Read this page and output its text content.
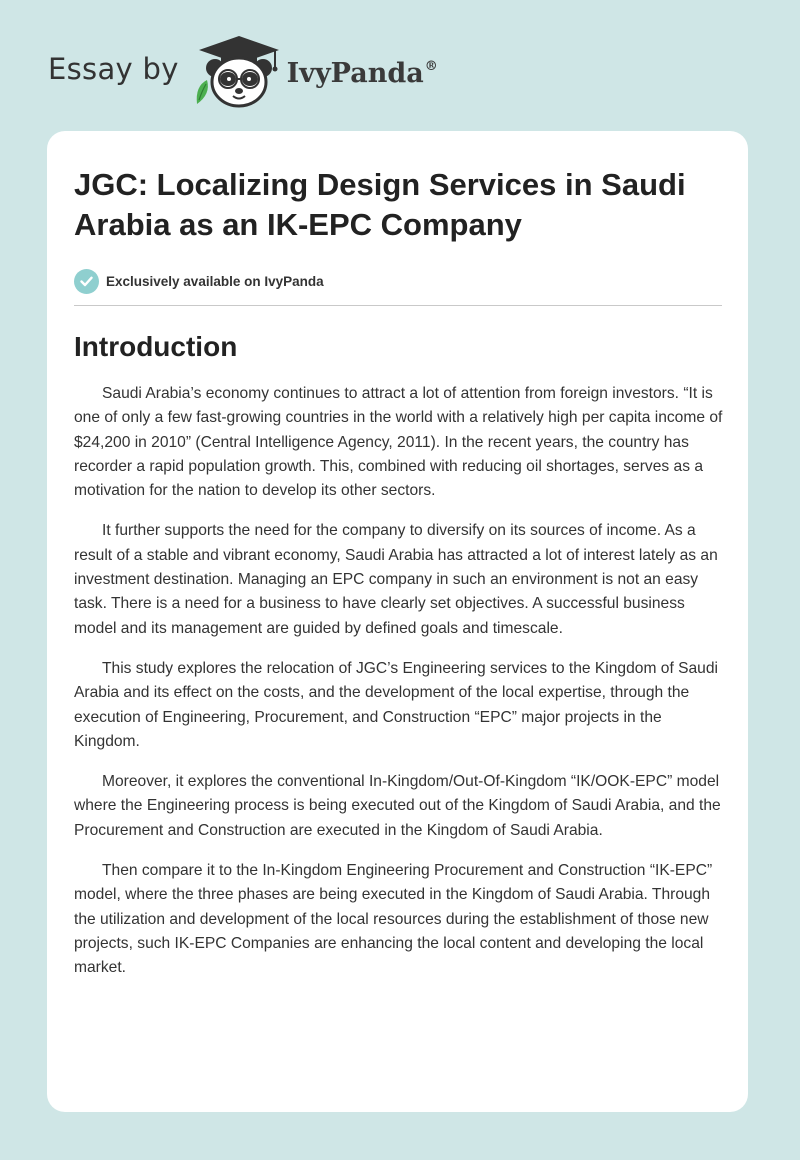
Essay by	IvyPanda®
JGC: Localizing Design Services in Saudi Arabia as an IK-EPC Company
Exclusively available on IvyPanda
Introduction

Saudi Arabia’s economy continues to attract a lot of attention from foreign investors. “It is one of only a few fast-growing countries in the world with a relatively high per capita income of $24,200 in 2010” (Central Intelligence Agency, 2011). In the recent years, the country has recorder a rapid population growth. This, combined with reducing oil shortages, serves as a motivation for the nation to develop its other sectors.

It further supports the need for the company to diversify on its sources of income. As a result of a stable and vibrant economy, Saudi Arabia has attracted a lot of interest lately as an investment destination. Managing an EPC company in such an environment is not an easy task. There is a need for a business to have clearly set objectives. A successful business model and its management are guided by defined goals and timescale.

This study explores the relocation of JGC’s Engineering services to the Kingdom of Saudi Arabia and its effect on the costs, and the development of the local expertise, through the execution of Engineering, Procurement, and Construction “EPC” major projects in the Kingdom.

Moreover, it explores the conventional In-Kingdom/Out-Of-Kingdom “IK/OOK-EPC” model where the Engineering process is being executed out of the Kingdom of Saudi Arabia, and the Procurement and Construction are executed in the Kingdom of Saudi Arabia.

Then compare it to the In-Kingdom Engineering Procurement and Construction “IK-EPC” model, where the three phases are being executed in the Kingdom of Saudi Arabia. Through the utilization and development of the local resources during the establishment of those new projects, such IK-EPC Companies are enhancing the local content and developing the local market.
